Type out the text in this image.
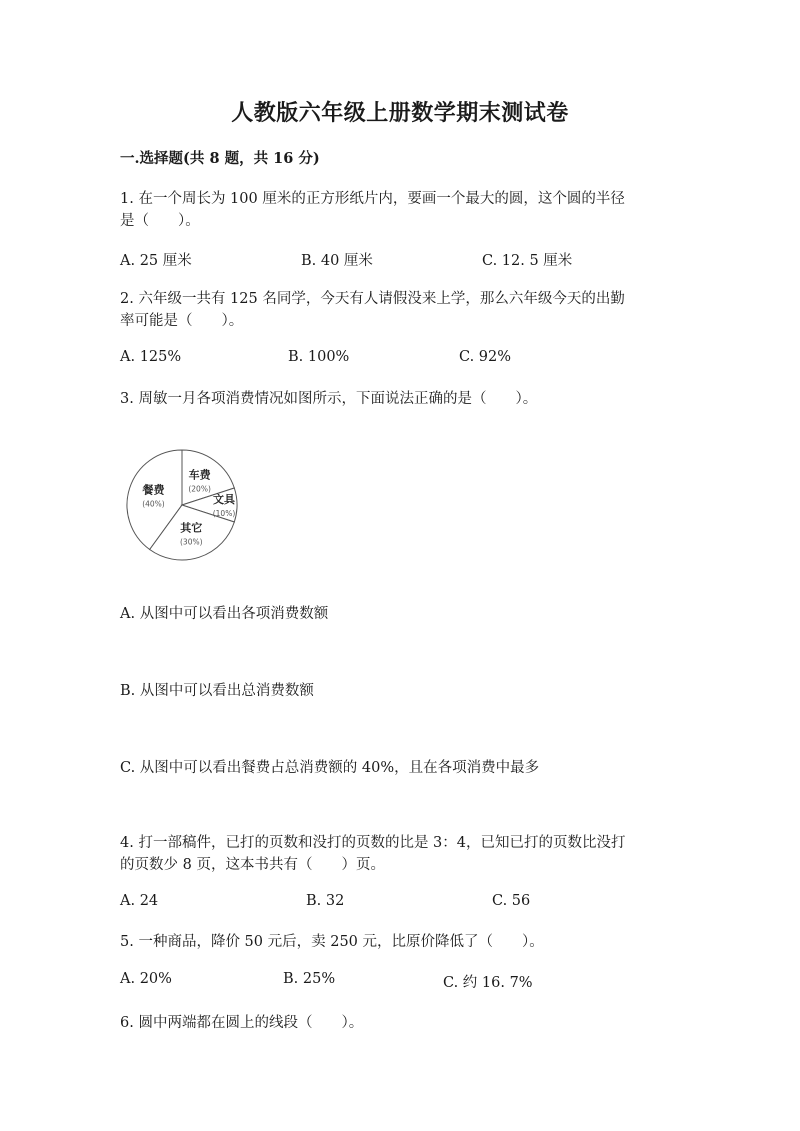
人教版六年级上册数学期末测试卷
一.选择题(共 8 题，共 16 分)
1. 在一个周长为 100 厘米的正方形纸片内，要画一个最大的圆，这个圆的半径
是（　　）。
A. 25 厘米	B. 40 厘米	C. 12. 5 厘米
2. 六年级一共有 125 名同学，今天有人请假没来上学，那么六年级今天的出勤
率可能是（　　）。
A. 125%	B. 100%	C. 92%
3. 周敏一月各项消费情况如图所示，下面说法正确的是（　　）。
餐费
(40%)
车费
(20%)
文具
(10%)
其它
(30%)
A. 从图中可以看出各项消费数额
B. 从图中可以看出总消费数额
C. 从图中可以看出餐费占总消费额的 40%，且在各项消费中最多
4. 打一部稿件，已打的页数和没打的页数的比是 3：4，已知已打的页数比没打
的页数少 8 页，这本书共有（　　）页。
A. 24	B. 32	C. 56
5. 一种商品，降价 50 元后，卖 250 元，比原价降低了（　　）。
A. 20%	B. 25%	C. 约 16. 7%
6. 圆中两端都在圆上的线段（　　）。
